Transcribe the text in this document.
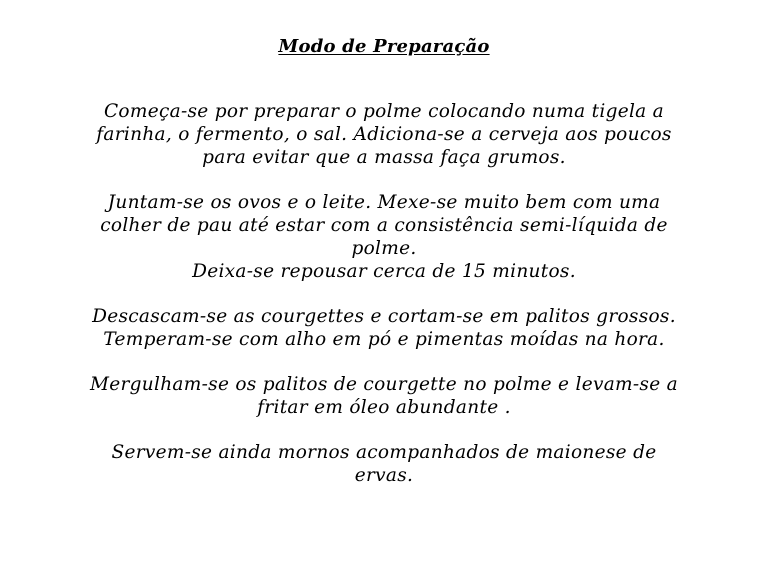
Modo de Preparação

Começa-se por preparar o polme colocando numa tigela a
farinha, o fermento, o sal. Adiciona-se a cerveja aos poucos
para evitar que a massa faça grumos.

Juntam-se os ovos e o leite. Mexe-se muito bem com uma
colher de pau até estar com a consistência semi-líquida de
polme.
Deixa-se repousar cerca de 15 minutos.

Descascam-se as courgettes e cortam-se em palitos grossos.
Temperam-se com alho em pó e pimentas moídas na hora.

Mergulham-se os palitos de courgette no polme e levam-se a
fritar em óleo abundante .

Servem-se ainda mornos acompanhados de maionese de
ervas.
